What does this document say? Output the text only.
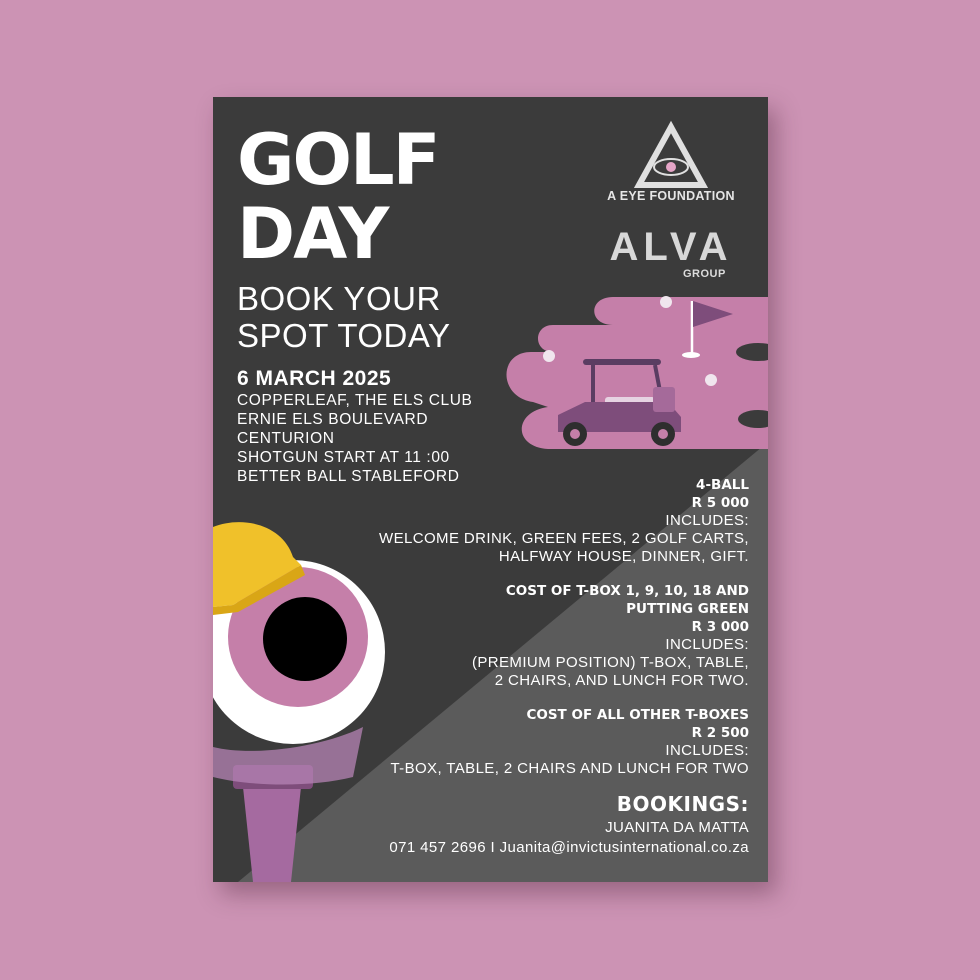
GOLF
DAY
BOOK YOUR
SPOT TODAY
6 MARCH 2025
COPPERLEAF, THE ELS CLUB
ERNIE ELS BOULEVARD
CENTURION
SHOTGUN START AT 11 :00
BETTER BALL STABLEFORD
A EYE FOUNDATION
ALVA
GROUP
4-BALL
R 5 000
INCLUDES:
WELCOME DRINK, GREEN FEES, 2 GOLF CARTS,
HALFWAY HOUSE, DINNER, GIFT.
COST OF T-BOX 1, 9, 10, 18 AND
PUTTING GREEN
R 3 000
INCLUDES:
(PREMIUM POSITION) T-BOX, TABLE,
2 CHAIRS, AND LUNCH FOR TWO.
COST OF ALL OTHER T-BOXES
R 2 500
INCLUDES:
T-BOX, TABLE, 2 CHAIRS AND LUNCH FOR TWO
BOOKINGS:
JUANITA DA MATTA
071 457 2696 I Juanita@invictusinternational.co.za
